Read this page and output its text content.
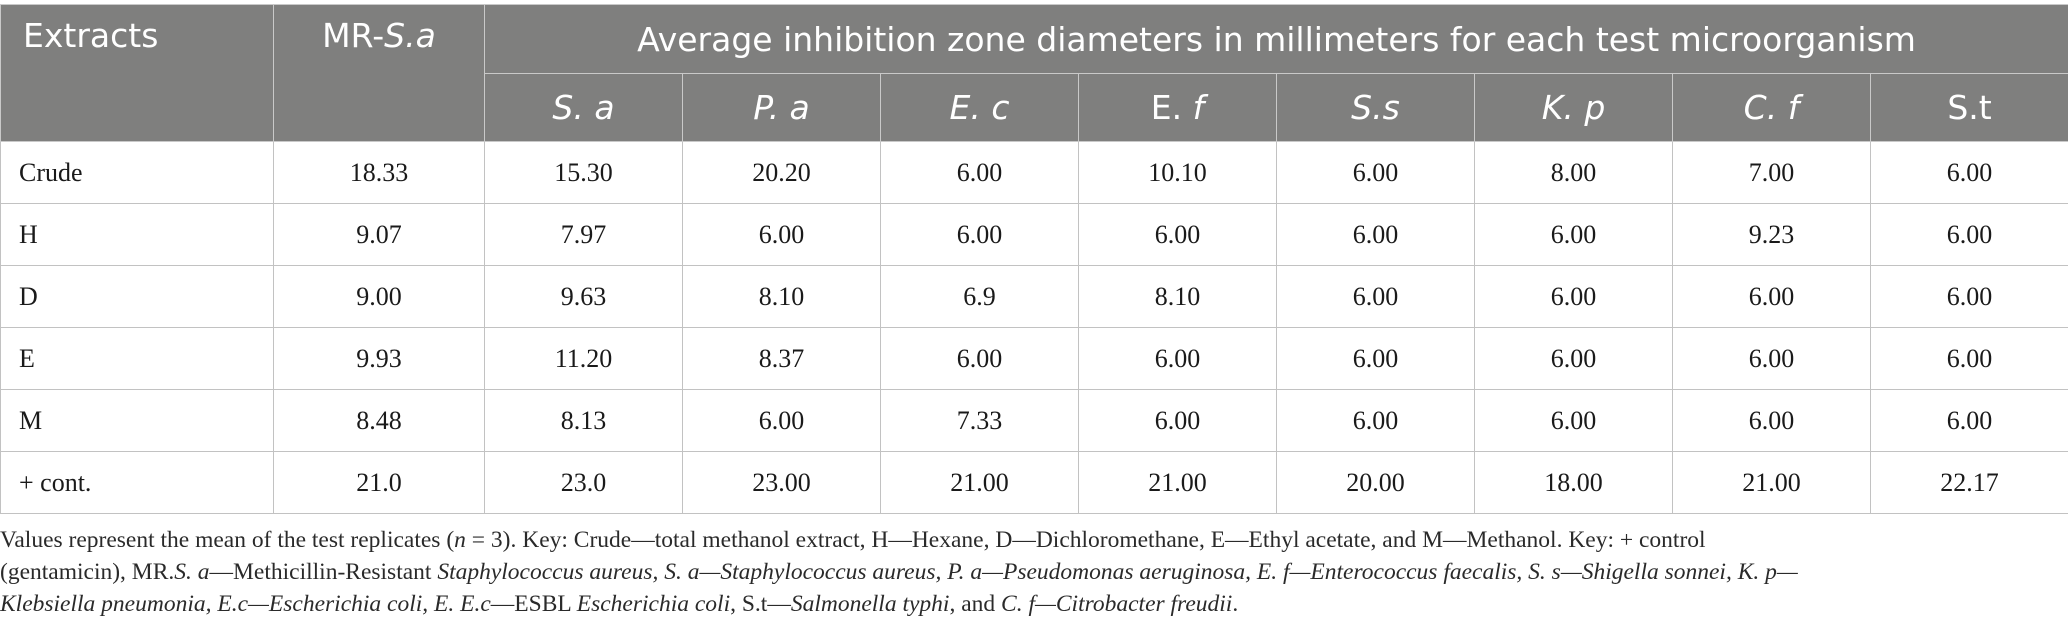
Extracts	MR-S.a	Average inhibition zone diameters in millimeters for each test microorganism							
		S. a	P. a	E. c	E. f	S.s	K. p	C. f	S.t
Crude	18.33	15.30	20.20	6.00	10.10	6.00	8.00	7.00	6.00
H	9.07	7.97	6.00	6.00	6.00	6.00	6.00	9.23	6.00
D	9.00	9.63	8.10	6.9	8.10	6.00	6.00	6.00	6.00
E	9.93	11.20	8.37	6.00	6.00	6.00	6.00	6.00	6.00
M	8.48	8.13	6.00	7.33	6.00	6.00	6.00	6.00	6.00
+ cont.	21.0	23.0	23.00	21.00	21.00	20.00	18.00	21.00	22.17
Values represent the mean of the test replicates (n = 3). Key: Crude—total methanol extract, H—Hexane, D—Dichloromethane, E—Ethyl acetate, and M—Methanol. Key: + control
(gentamicin), MR.S. a—Methicillin-Resistant Staphylococcus aureus, S. a—Staphylococcus aureus, P. a—Pseudomonas aeruginosa, E. f—Enterococcus faecalis, S. s—Shigella sonnei, K. p—
Klebsiella pneumonia, E.c—Escherichia coli, E. E.c—ESBL Escherichia coli, S.t—Salmonella typhi, and C. f—Citrobacter freudii.
